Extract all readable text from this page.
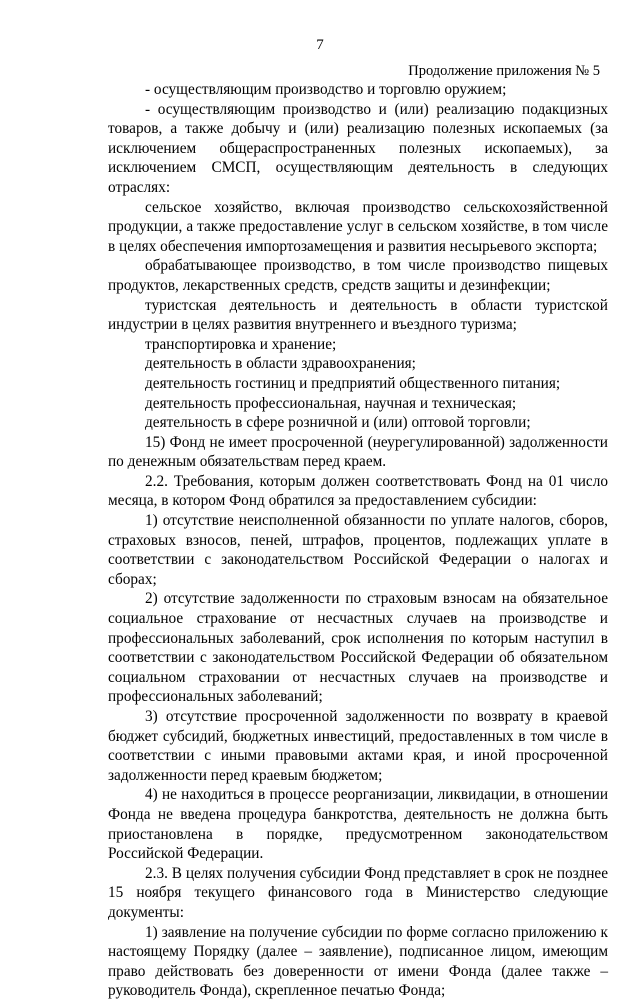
7
Продолжение приложения № 5

- осуществляющим производство и торговлю оружием;

- осуществляющим производство и (или) реализацию подакцизных товаров, а также добычу и (или) реализацию полезных ископаемых (за исключением общераспространенных полезных ископаемых), за исключением СМСП, осуществляющим деятельность в следующих отраслях:

сельское хозяйство, включая производство сельскохозяйственной продукции, а также предоставление услуг в сельском хозяйстве, в том числе в целях обеспечения импортозамещения и развития несырьевого экспорта;

обрабатывающее производство, в том числе производство пищевых продуктов, лекарственных средств, средств защиты и дезинфекции;

туристская деятельность и деятельность в области туристской индустрии в целях развития внутреннего и въездного туризма;

транспортировка и хранение;

деятельность в области здравоохранения;

деятельность гостиниц и предприятий общественного питания;

деятельность профессиональная, научная и техническая;

деятельность в сфере розничной и (или) оптовой торговли;

15) Фонд не имеет просроченной (неурегулированной) задолженности по денежным обязательствам перед краем.

2.2. Требования, которым должен соответствовать Фонд на 01 число месяца, в котором Фонд обратился за предоставлением субсидии:

1) отсутствие неисполненной обязанности по уплате налогов, сборов, страховых взносов, пеней, штрафов, процентов, подлежащих уплате в соответствии с законодательством Российской Федерации о налогах и сборах;

2) отсутствие задолженности по страховым взносам на обязательное социальное страхование от несчастных случаев на производстве и профессиональных заболеваний, срок исполнения по которым наступил в соответствии с законодательством Российской Федерации об обязательном социальном страховании от несчастных случаев на производстве и профессиональных заболеваний;

3) отсутствие просроченной задолженности по возврату в краевой бюджет субсидий, бюджетных инвестиций, предоставленных в том числе в соответствии с иными правовыми актами края, и иной просроченной задолженности перед краевым бюджетом;

4) не находиться в процессе реорганизации, ликвидации, в отношении Фонда не введена процедура банкротства, деятельность не должна быть приостановлена в порядке, предусмотренном законодательством Российской Федерации.

2.3. В целях получения субсидии Фонд представляет в срок не позднее 15 ноября текущего финансового года в Министерство следующие документы:

1) заявление на получение субсидии по форме согласно приложению к настоящему Порядку (далее – заявление), подписанное лицом, имеющим право действовать без доверенности от имени Фонда (далее также – руководитель Фонда), скрепленное печатью Фонда;
